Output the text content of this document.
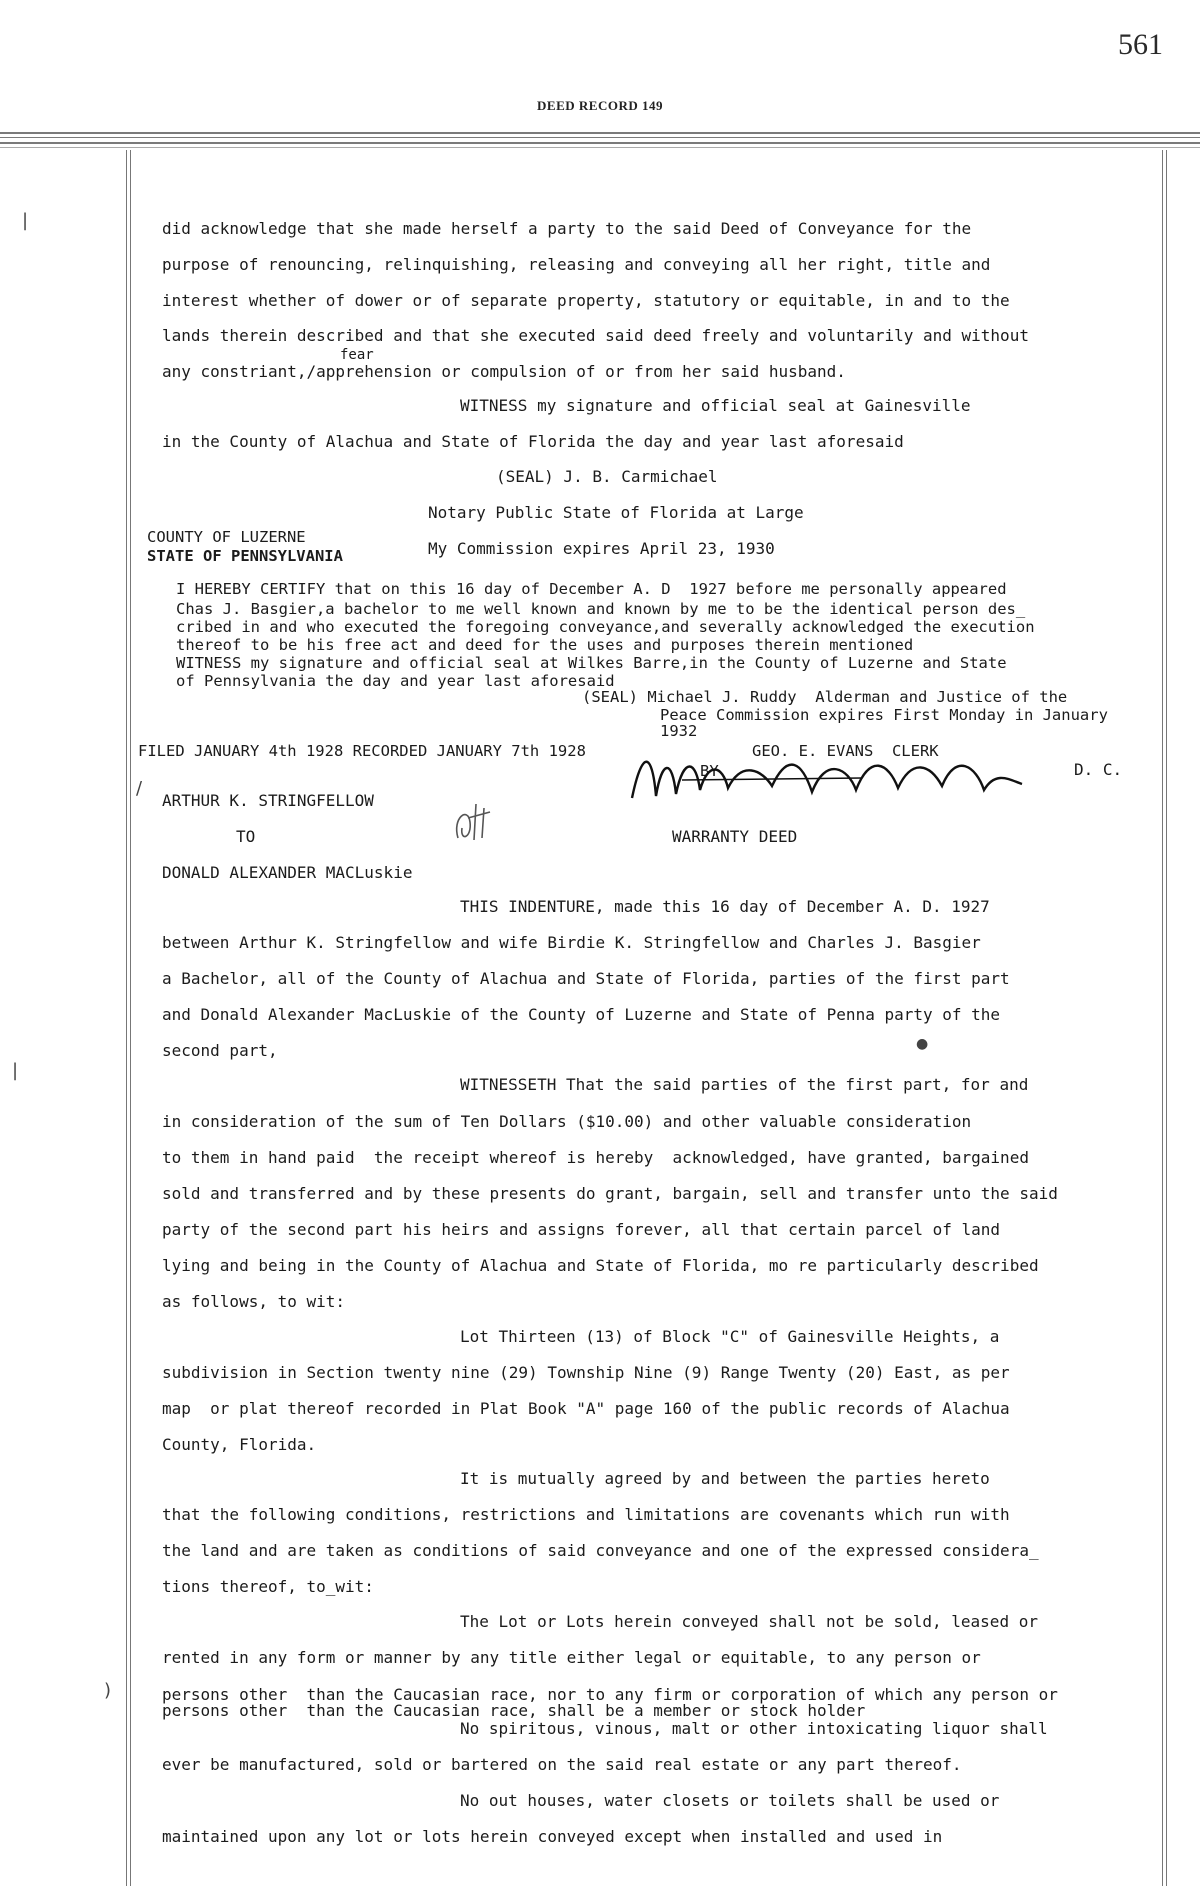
561
DEED RECORD 149
did acknowledge that she made herself a party to the said Deed of Conveyance for the
purpose of renouncing, relinquishing, releasing and conveying all her right, title and
interest whether of dower or of separate property, statutory or equitable, in and to the
lands therein described and that she executed said deed freely and voluntarily and without
fear
any constriant,/apprehension or compulsion of or from her said husband.
WITNESS my signature and official seal at Gainesville
in the County of Alachua and State of Florida the day and year last aforesaid
(SEAL) J. B. Carmichael
Notary Public State of Florida at Large
COUNTY OF LUZERNE
My Commission expires April 23, 1930
STATE OF PENNSYLVANIA
I HEREBY CERTIFY that on this 16 day of December A. D  1927 before me personally appeared
Chas J. Basgier,a bachelor to me well known and known by me to be the identical person des_
cribed in and who executed the foregoing conveyance,and severally acknowledged the execution
thereof to be his free act and deed for the uses and purposes therein mentioned
WITNESS my signature and official seal at Wilkes Barre,in the County of Luzerne and State
of Pennsylvania the day and year last aforesaid
(SEAL) Michael J. Ruddy  Alderman and Justice of the
Peace Commission expires First Monday in January
1932
FILED JANUARY 4th 1928 RECORDED JANUARY 7th 1928	GEO. E. EVANS  CLERK
BY	D. C.
/
ARTHUR K. STRINGFELLOW
TO	WARRANTY DEED
DONALD ALEXANDER MACLuskie
THIS INDENTURE, made this 16 day of December A. D. 1927
between Arthur K. Stringfellow and wife Birdie K. Stringfellow and Charles J. Basgier
a Bachelor, all of the County of Alachua and State of Florida, parties of the first part
and Donald Alexander MacLuskie of the County of Luzerne and State of Penna party of the
second part,	●
WITNESSETH That the said parties of the first part, for and
in consideration of the sum of Ten Dollars ($10.00) and other valuable consideration
to them in hand paid  the receipt whereof is hereby  acknowledged, have granted, bargained
sold and transferred and by these presents do grant, bargain, sell and transfer unto the said
party of the second part his heirs and assigns forever, all that certain parcel of land
lying and being in the County of Alachua and State of Florida, mo re particularly described
as follows, to wit:
Lot Thirteen (13) of Block "C" of Gainesville Heights, a
subdivision in Section twenty nine (29) Township Nine (9) Range Twenty (20) East, as per
map  or plat thereof recorded in Plat Book "A" page 160 of the public records of Alachua
County, Florida.
It is mutually agreed by and between the parties hereto
that the following conditions, restrictions and limitations are covenants which run with
the land and are taken as conditions of said conveyance and one of the expressed considera_
tions thereof, to_wit:
The Lot or Lots herein conveyed shall not be sold, leased or
rented in any form or manner by any title either legal or equitable, to any person or
persons other  than the Caucasian race, nor to any firm or corporation of which any person or
persons other  than the Caucasian race, shall be a member or stock holder
No spiritous, vinous, malt or other intoxicating liquor shall
ever be manufactured, sold or bartered on the said real estate or any part thereof.
No out houses, water closets or toilets shall be used or
maintained upon any lot or lots herein conveyed except when installed and used in
|
|
)
